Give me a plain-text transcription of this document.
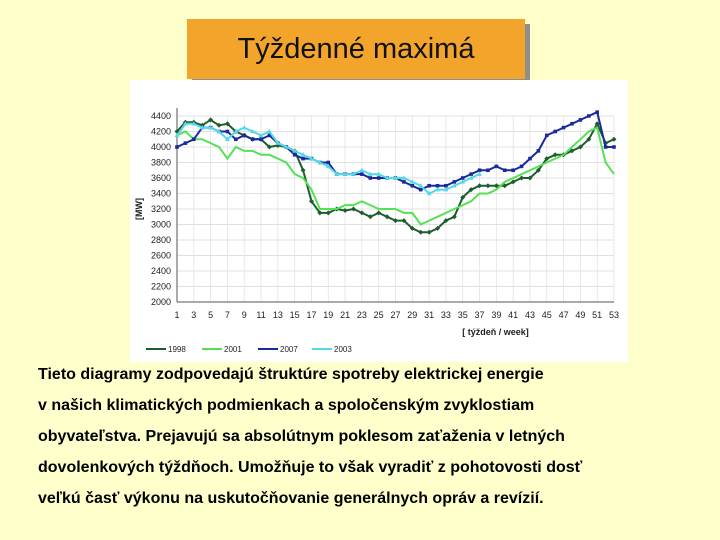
Týždenné maximá
2000
2200
2400
2600
2800
3000
3200
3400
3600
3800
4000
4200
4400
1 3 5 7 9 11 13 15 17 19 21 23 25 27 29 31 33 35 37 39 41 43 45 47 49 51 53
[MW]
[ týždeň / week]
1998	2001	2007	2003
Tieto diagramy zodpovedajú štruktúre spotreby elektrickej energie
v našich klimatických podmienkach a spoločenským zvyklostiam
obyvateľstva. Prejavujú sa absolútnym poklesom zaťaženia v letných
dovolenkových týždňoch. Umožňuje to však vyradiť z pohotovosti dosť
veľkú časť výkonu na uskutočňovanie generálnych opráv a revízií.
